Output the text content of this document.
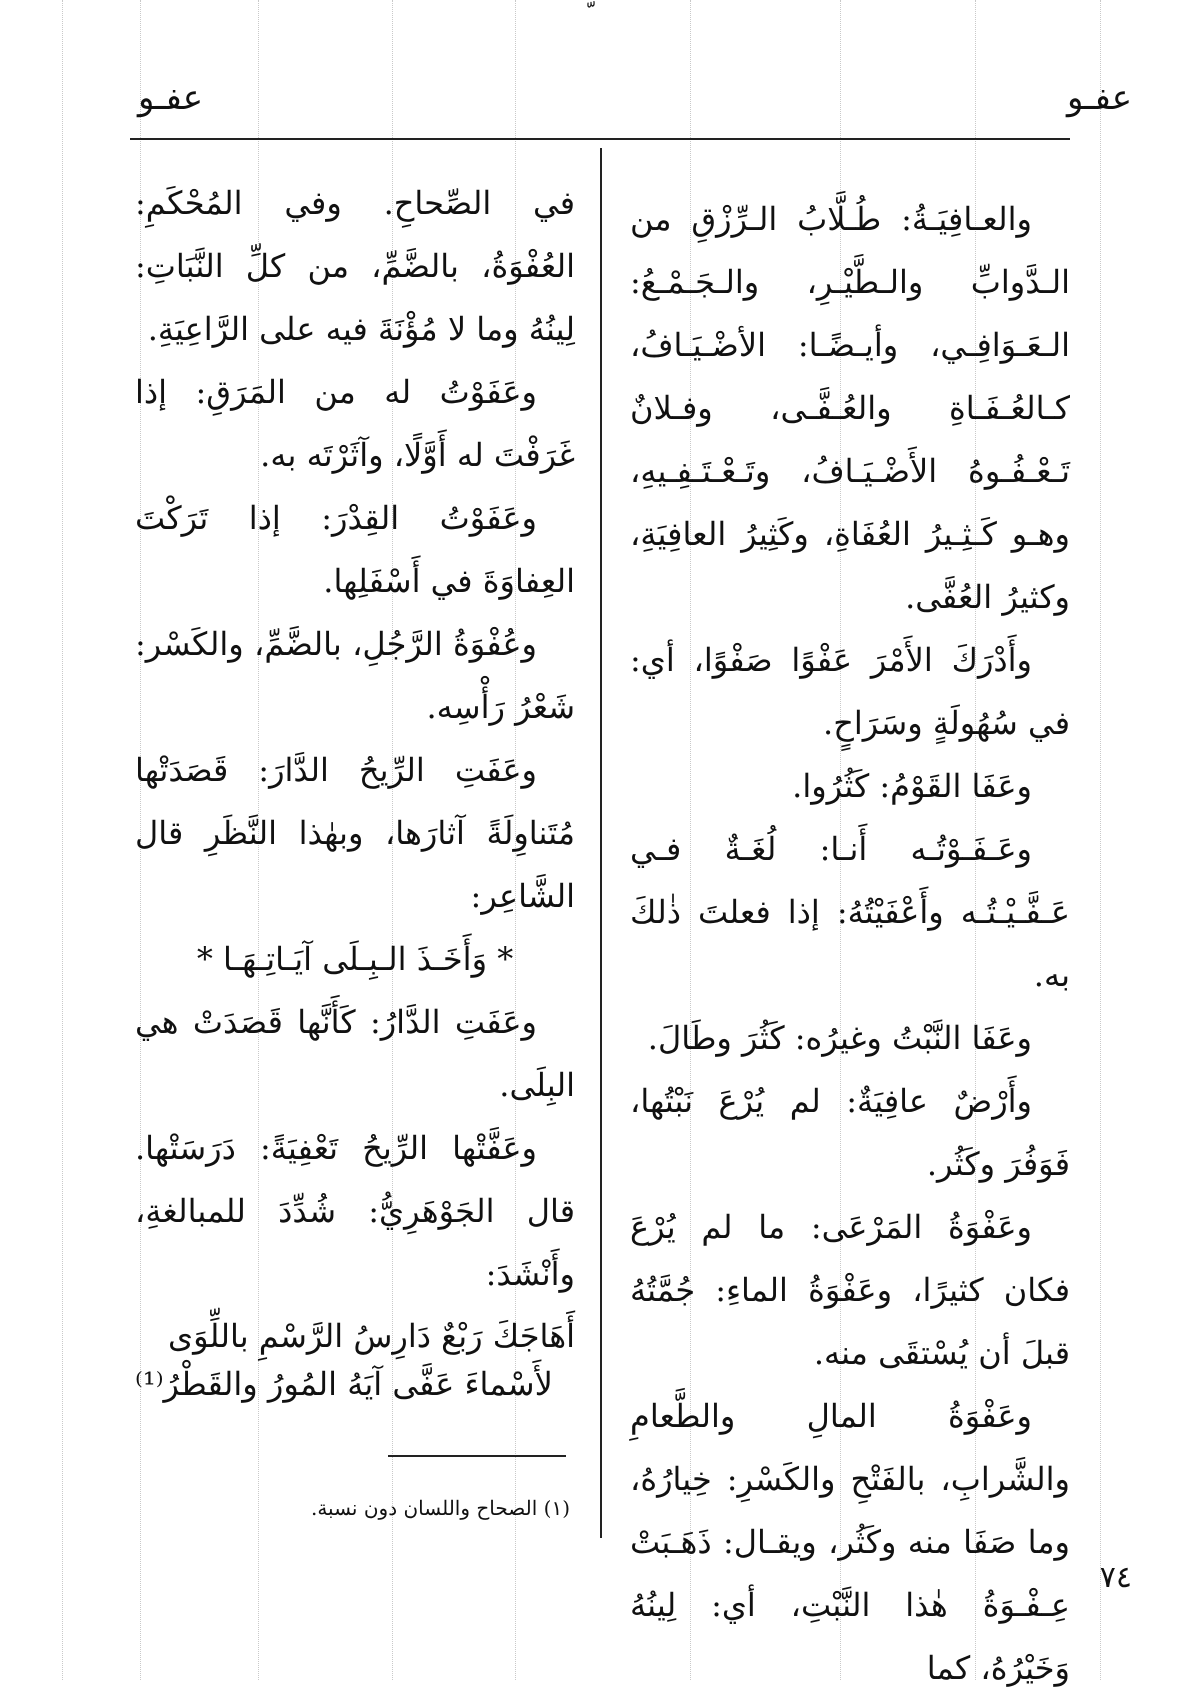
عفـو
عفـو

والعـافِيَـةُ: طُـلَّابُ الـرِّزْقِ من الـدَّوابِّ والـطَّيْـرِ، والـجَـمْـعُ: الـعَـوَافِـي، وأيـضًـا: الأضْـيَـافُ، كـالعُـفَـاةِ والعُـفَّـى، وفـلانٌ تَـعْـفُـوهُ الأَضْـيَـافُ، وتَـعْـتَـفِـيهِ، وهـو كَـثِـيرُ العُفَاةِ، وكَثِيرُ العافِيَةِ، وكثيرُ العُفَّى.

وأَدْرَكَ الأَمْرَ عَفْوًا صَفْوًا، أي: في سُهُولَةٍ وسَرَاحٍ.

وعَفَا القَوْمُ: كَثُرُوا.

وعَـفَـوْتُـه أَنـا: لُغَـةٌ فـي عَـفَّـيْـتُـه وأَعْفَيْتُهُ: إذا فعلتَ ذٰلكَ به.

وعَفَا النَّبْتُ وغيرُه: كَثُرَ وطَالَ.

وأَرْضٌ عافِيَةٌ: لم يُرْعَ نَبْتُها، فَوَفُرَ وكَثُر.

وعَفْوَةُ المَرْعَى: ما لم يُرْعَ فكان كثيرًا، وعَفْوَةُ الماءِ: جُمَّتُهُ قبلَ أن يُسْتقَى منه.

وعَفْوَةُ المالِ والطَّعامِ والشَّرابِ، بالفَتْحِ والكَسْرِ: خِيارُهُ، وما صَفَا منه وكَثُر، ويقـال: ذَهَـبَتْ عِـفْـوَةُ هٰذا النَّبْتِ، أي: لِينُهُ وَخَيْرُهُ، كما

في الصِّحاحِ. وفي المُحْكَمِ: العُفْوَةُ، بالضَّمِّ، من كلِّ النَّبَاتِ: لِينُهُ وما لا مُؤْنَةَ فيه على الرَّاعِيَةِ.

وعَفَوْتُ له من المَرَقِ: إذا غَرَفْتَ له أَوَّلًا، وآثَرْتَه به.

وعَفَوْتُ القِدْرَ: إذا تَرَكْتَ العِفاوَةَ في أَسْفَلِها.

وعُفْوَةُ الرَّجُلِ، بالضَّمِّ، والكَسْر: شَعْرُ رَأْسِه.

وعَفَتِ الرِّيحُ الدَّارَ: قَصَدَتْها مُتَناوِلَةً آثارَها، وبهٰذا النَّظَرِ قال الشَّاعِر:

* وَأَخَـذَ الـبِـلَى آيَـاتِـهَـا *

وعَفَتِ الدَّارُ: كَأَنَّها قَصَدَتْ هي البِلَى.

وعَفَّتْها الرِّيحُ تَعْفِيَةً: دَرَسَتْها. قال الجَوْهَرِيُّ: شُدِّدَ للمبالغةِ، وأَنْشَدَ:

أَهَاجَكَ رَبْعٌ دَارِسُ الرَّسْمِ باللِّوَى
لأَسْماءَ عَفَّى آيَهُ المُورُ والقَطْرُ⁽¹⁾
(١) الصحاح واللسان دون نسبة.
٧٤
